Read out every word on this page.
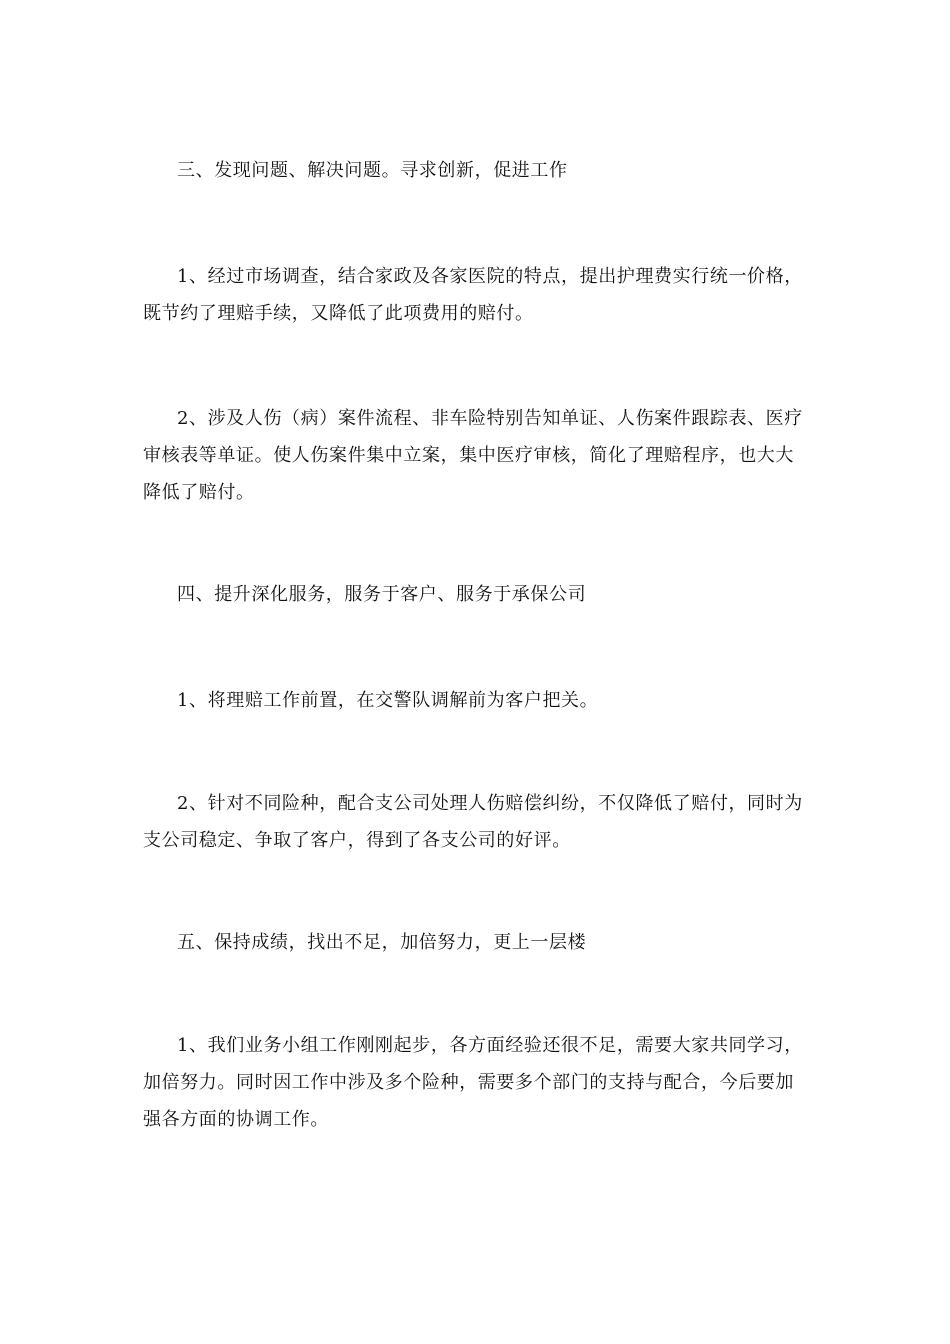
三、发现问题、解决问题。寻求创新，促进工作

1、经过市场调查，结合家政及各家医院的特点，提出护理费实行统一价格，既节约了理赔手续，又降低了此项费用的赔付。

2、涉及人伤（病）案件流程、非车险特别告知单证、人伤案件跟踪表、医疗审核表等单证。使人伤案件集中立案，集中医疗审核，简化了理赔程序，也大大降低了赔付。

四、提升深化服务，服务于客户、服务于承保公司

1、将理赔工作前置，在交警队调解前为客户把关。

2、针对不同险种，配合支公司处理人伤赔偿纠纷，不仅降低了赔付，同时为支公司稳定、争取了客户，得到了各支公司的好评。

五、保持成绩，找出不足，加倍努力，更上一层楼

1、我们业务小组工作刚刚起步，各方面经验还很不足，需要大家共同学习，加倍努力。同时因工作中涉及多个险种，需要多个部门的支持与配合，今后要加强各方面的协调工作。
